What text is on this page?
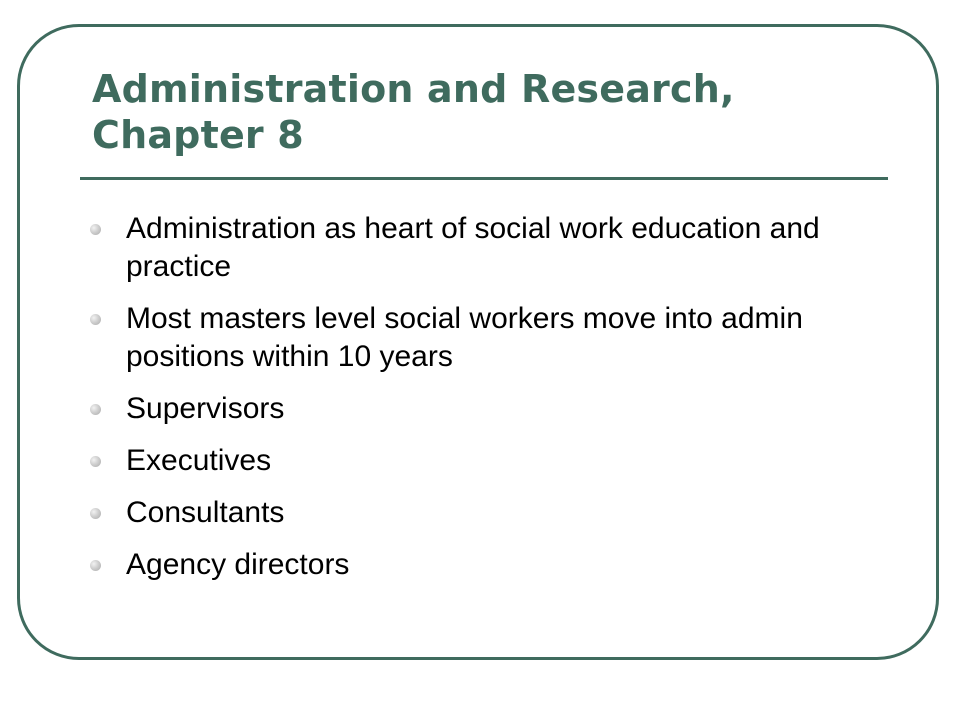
Administration and Research, Chapter 8
Administration as heart of social work education and practice
Most masters level social workers move into admin positions within 10 years
Supervisors
Executives
Consultants
Agency directors
